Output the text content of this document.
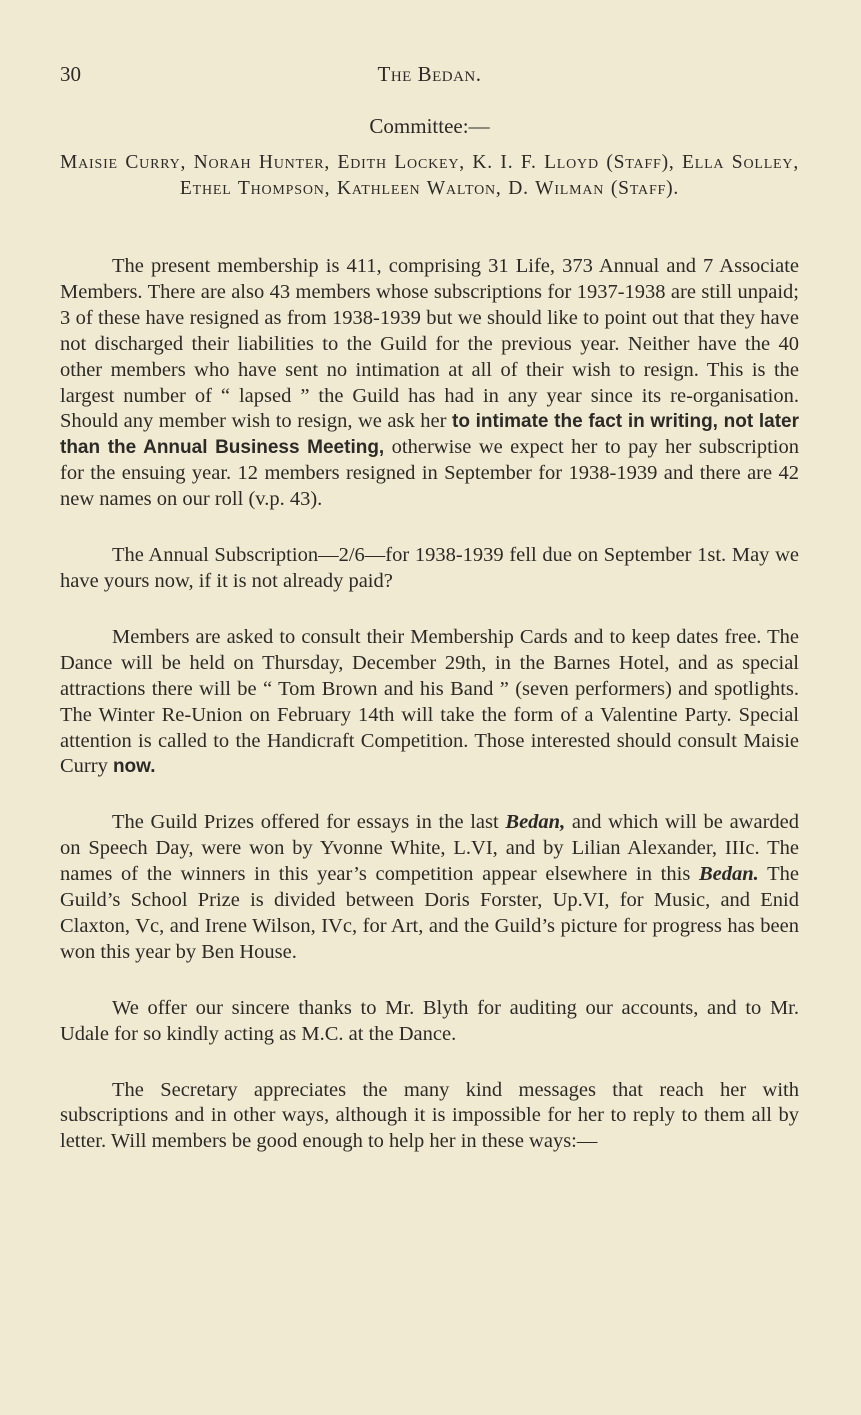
30	The Bedan.
Committee:—
Maisie Curry, Norah Hunter, Edith Lockey, K. I. F. Lloyd (Staff), Ella Solley, Ethel Thompson, Kathleen Walton, D. Wilman (Staff).

The present membership is 411, comprising 31 Life, 373 Annual and 7 Associate Members. There are also 43 members whose subscriptions for 1937-1938 are still unpaid; 3 of these have resigned as from 1938-1939 but we should like to point out that they have not discharged their liabilities to the Guild for the previous year. Neither have the 40 other members who have sent no intimation at all of their wish to resign. This is the largest number of “ lapsed ” the Guild has had in any year since its re-organisation. Should any member wish to resign, we ask her to intimate the fact in writing, not later than the Annual Business Meeting, otherwise we expect her to pay her subscription for the ensuing year. 12 members resigned in September for 1938-1939 and there are 42 new names on our roll (v.p. 43).

The Annual Subscription—2/6—for 1938-1939 fell due on September 1st. May we have yours now, if it is not already paid?

Members are asked to consult their Membership Cards and to keep dates free. The Dance will be held on Thursday, December 29th, in the Barnes Hotel, and as special attractions there will be “ Tom Brown and his Band ” (seven performers) and spotlights. The Winter Re-Union on February 14th will take the form of a Valentine Party. Special attention is called to the Handicraft Competition. Those interested should consult Maisie Curry now.

The Guild Prizes offered for essays in the last Bedan, and which will be awarded on Speech Day, were won by Yvonne White, L.VI, and by Lilian Alexander, IIIc. The names of the winners in this year’s competition appear elsewhere in this Bedan. The Guild’s School Prize is divided between Doris Forster, Up.VI, for Music, and Enid Claxton, Vc, and Irene Wilson, IVc, for Art, and the Guild’s picture for progress has been won this year by Ben House.

We offer our sincere thanks to Mr. Blyth for auditing our accounts, and to Mr. Udale for so kindly acting as M.C. at the Dance.

The Secretary appreciates the many kind messages that reach her with subscriptions and in other ways, although it is impossible for her to reply to them all by letter. Will members be good enough to help her in these ways:—
